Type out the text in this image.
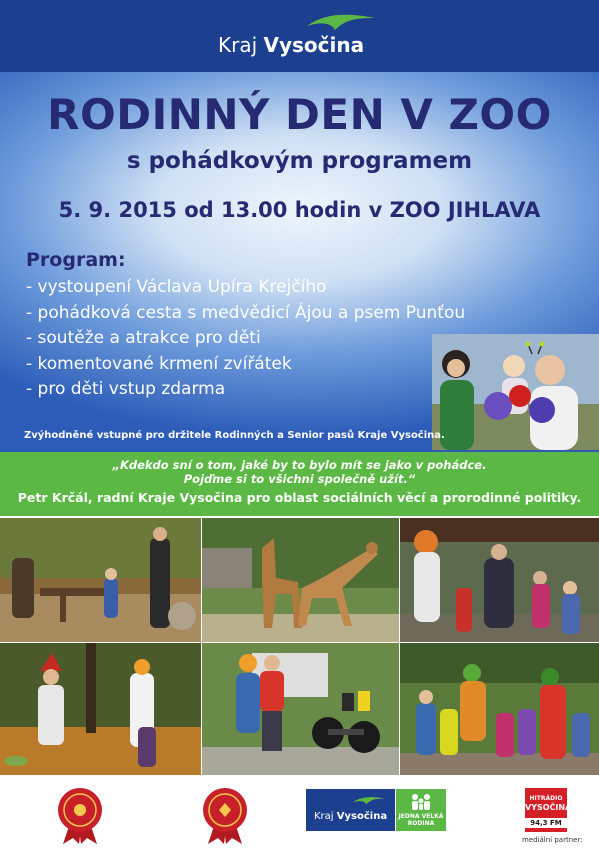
Kraj Vysočina
RODINNÝ DEN V ZOO
s pohádkovým programem
5. 9. 2015 od 13.00 hodin v ZOO JIHLAVA
Program:
- vystoupení Václava Upíra Krejčího
- pohádková cesta s medvědicí Ájou a psem Punťou
- soutěže a atrakce pro děti
- komentované krmení zvířátek
- pro děti vstup zdarma
Zvýhodněné vstupné pro držitele Rodinných a Senior pasů Kraje Vysočina.
„Kdekdo sní o tom, jaké by to bylo mít se jako v pohádce.
Pojďme si to všichni společně užít.“
Petr Krčál, radní Kraje Vysočina pro oblast sociálních věcí a prorodinné politiky.
Kraj Vysočina	JEDNA VELKÁ
RODINA
HITRÁDIO
VYSOČINA
94,3 FM
mediální partner:
